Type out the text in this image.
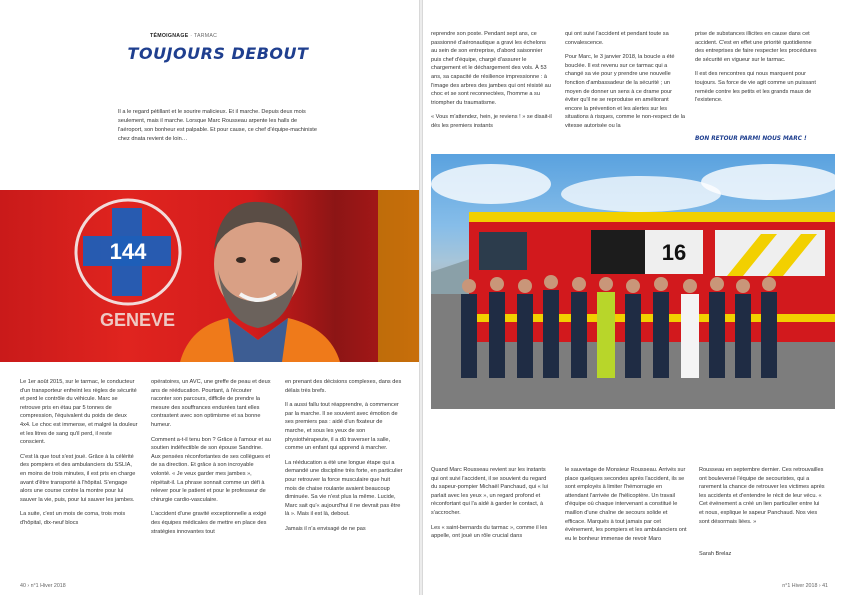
TÉMOIGNAGE · TARMAC
TOUJOURS DEBOUT
Il a le regard pétillant et le sourire malicieux. Et il marche. Depuis deux mois seulement, mais il marche. Lorsque Marc Rousseau arpente les halls de l'aéroport, son bonheur est palpable. Et pour cause, ce chef d'équipe-machiniste chez dnata revient de loin…
144
GENEVE

Le 1er août 2015, sur le tarmac, le conducteur d'un transporteur enfreint les règles de sécurité et perd le contrôle du véhicule. Marc se retrouve pris en étau par 5 tonnes de compression, l'équivalent du poids de deux 4x4. Le choc est immense, et malgré la douleur et les litres de sang qu'il perd, il reste conscient.

C'est là que tout s'est joué. Grâce à la célérité des pompiers et des ambulanciers du SSLIA, en moins de trois minutes, il est pris en charge avant d'être transporté à l'hôpital. S'engage alors une course contre la montre pour lui sauver la vie, puis, pour lui sauver les jambes.

La suite, c'est un mois de coma, trois mois d'hôpital, dix-neuf blocs

opératoires, un AVC, une greffe de peau et deux ans de rééducation. Pourtant, à l'écouter raconter son parcours, difficile de prendre la mesure des souffrances endurées tant elles contrastent avec son optimisme et sa bonne humeur.

Comment a-t-il tenu bon ? Grâce à l'amour et au soutien indéfectible de son épouse Sandrine. Aux pensées réconfortantes de ses collègues et de sa direction. Et grâce à son incroyable volonté. « Je veux garder mes jambes », répétait-il. La phrase sonnait comme un défi à relever pour le patient et pour le professeur de chirurgie cardio-vasculaire.

L'accident d'une gravité exceptionnelle a exigé des équipes médicales de mettre en place des stratégies innovantes tout

en prenant des décisions complexes, dans des délais très brefs.

Il a aussi fallu tout réapprendre, à commencer par la marche. Il se souvient avec émotion de ses premiers pas : aidé d'un fixateur de marche, et sous les yeux de son physiothérapeute, il a dû traverser la salle, comme un enfant qui apprend à marcher.

La rééducation a été une longue étape qui a demandé une discipline très forte, en particulier pour retrouver la force musculaire que huit mois de chaise roulante avaient beaucoup diminuée. Sa vie n'est plus la même. Lucide, Marc sait qu'« aujourd'hui il ne devrait pas être là ». Mais il est là, debout.

Jamais il n'a envisagé de ne pas

40 › n°1 Hiver 2018

reprendre son poste. Pendant sept ans, ce passionné d'aéronautique a gravi les échelons au sein de son entreprise, d'abord saisonnier puis chef d'équipe, chargé d'assurer le chargement et le déchargement des vols. À 53 ans, sa capacité de résilience impressionne : à l'image des arbres des jambes qui ont résisté au choc et se sont reconnectées, l'homme a su triompher du traumatisme.

« Vous m'attendez, hein, je reviens ! » se disait-il dès les premiers instants

qui ont suivi l'accident et pendant toute sa convalescence.

Pour Marc, le 3 janvier 2018, la boucle a été bouclée. Il est revenu sur ce tarmac qui a changé sa vie pour y prendre une nouvelle fonction d'ambassadeur de la sécurité ; un moyen de donner un sens à ce drame pour éviter qu'il ne se reproduise en améliorant encore la prévention et les alertes sur les situations à risques, comme le non-respect de la vitesse autorisée ou la

prise de substances illicites en cause dans cet accident. C'est en effet une priorité quotidienne des entreprises de faire respecter les procédures de sécurité en vigueur sur le tarmac.

Il est des rencontres qui nous marquent pour toujours. Sa force de vie agit comme un puissant remède contre les petits et les grands maux de l'existence.

BON RETOUR PARMI NOUS MARC !
16

Quand Marc Rousseau revient sur les instants qui ont suivi l'accident, il se souvient du regard du sapeur-pompier Michaël Panchaud, qui « lui parlait avec les yeux », un regard profond et réconfortant qui l'a aidé à garder le contact, à s'accrocher.

Les « saint-bernards du tarmac », comme il les appelle, ont joué un rôle crucial dans

le sauvetage de Monsieur Rousseau. Arrivés sur place quelques secondes après l'accident, ils se sont employés à limiter l'hémorragie en attendant l'arrivée de l'hélicoptère. Un travail d'équipe où chaque intervenant a constitué le maillon d'une chaîne de secours solide et efficace. Marqués à tout jamais par cet événement, les pompiers et les ambulanciers ont eu le bonheur immense de revoir Maro

Rousseau en septembre dernier. Ces retrouvailles ont bouleversé l'équipe de secouristes, qui a rarement la chance de retrouver les victimes après les accidents et d'entendre le récit de leur vécu. « Cet événement a créé un lien particulier entre lui et nous, explique le sapeur Panchaud. Nos vies sont désormais liées. »

Sarah Brelaz
n°1 Hiver 2018 › 41
